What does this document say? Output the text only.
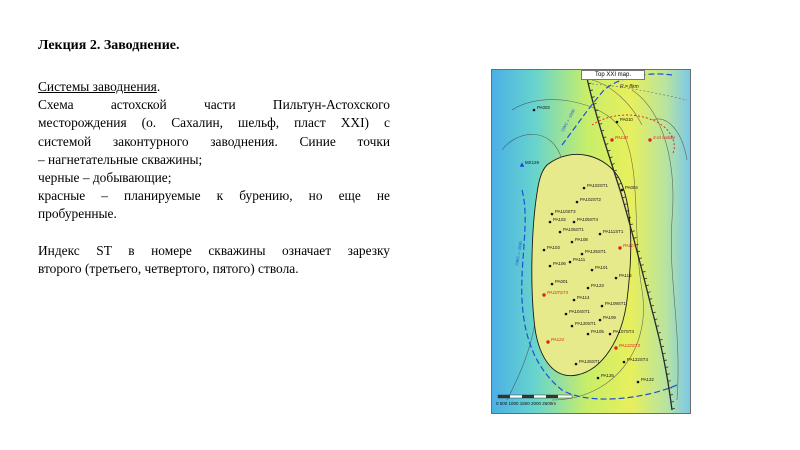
Лекция 2. Заводнение.

Системы заводнения.

Схема астохской части Пильтун-Астохского

месторождения (о. Сахалин, шельф, пласт XXI) с

системой законтурного заводнения. Синие точки

– нагнетательные скважины;

черные – добывающие;

красные – планируемые к бурению, но еще не

пробуренные.

Индекс ST в номере скважины означает зарезку

второго (третьего, четвертого, пятого) ствола.

PA003
PA010
PA130	3-rd saddle
MX129
PA102ST1	PA004
PA102ST2
PA110ST3
PA102	PA105ST4
PA105ST1	PA111ST1
PA108
PA117
PA103
PA125ST1
PA111
PA106
PA101
PA113
PA001
PA123
PA107ST3
PA114
PA109ST1
PA104ST1
PA109
PA120ST1
PA105 PA107ST4
PA124
PA122ST3
PA126ST1	PA122ST4
PA126
PA122
Top XXI map.
R = 8km
0 500 1000 1500 2000 2500m
OWC = -1990
OWC = -1990
